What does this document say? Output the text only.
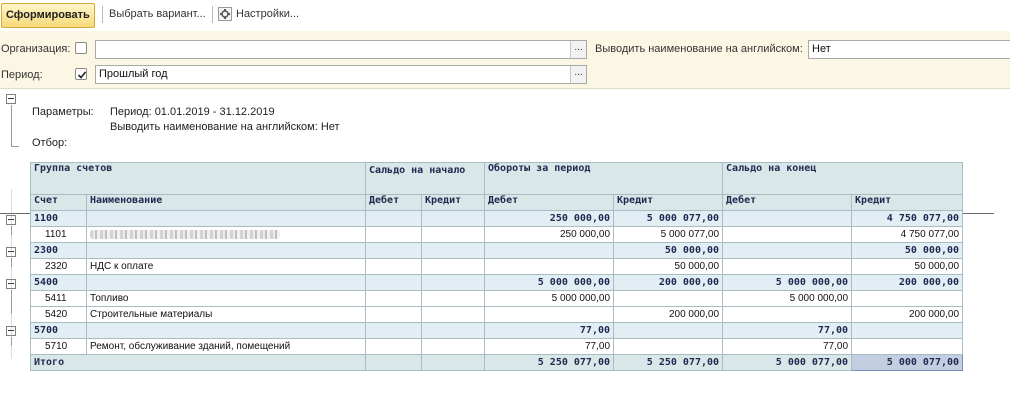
Сформировать	Выбрать вариант...	Настройки...
Организация:	...	Выводить наименование на английском: Нет
Период:	Прошлый год	...
Параметры: Период: 01.01.2019 - 31.12.2019
Выводить наименование на английском: Нет
Отбор:
Группа счетов		Сальдо на начало		Обороты за период		Сальдо на конец	
Счет	Наименование	Дебет	Кредит	Дебет	Кредит	Дебет	Кредит
1100				250 000,00	5 000 077,00		4 750 077,00
1101				250 000,00	5 000 077,00		4 750 077,00
2300					50 000,00		50 000,00
2320	НДС к оплате				50 000,00		50 000,00
5400				5 000 000,00	200 000,00	5 000 000,00	200 000,00
5411	Топливо			5 000 000,00		5 000 000,00	
5420	Строительные материалы				200 000,00		200 000,00
5700				77,00		77,00	
5710	Ремонт, обслуживание зданий, помещений			77,00		77,00	
Итого				5 250 077,00	5 250 077,00	5 000 077,00	5 000 077,00
